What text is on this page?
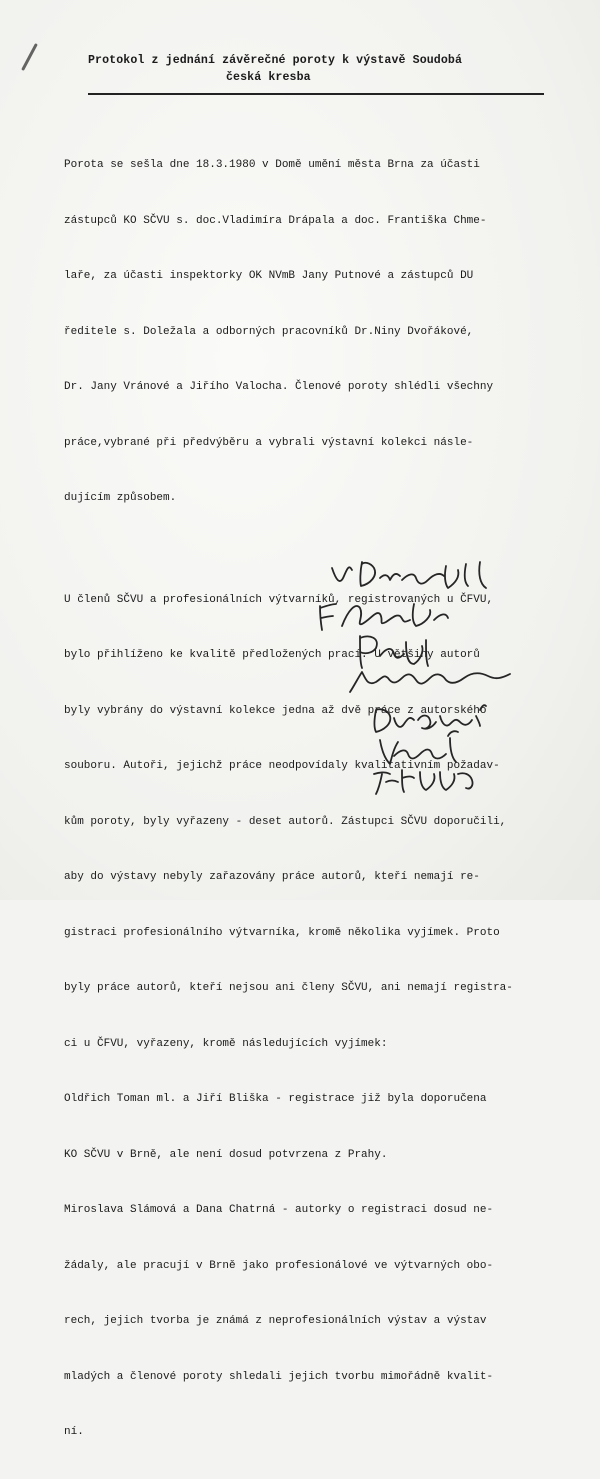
Protokol z jednání závěrečné poroty k výstavě Soudobá
česká kresba

Porota se sešla dne 18.3.1980 v Domě umění města Brna za účasti

zástupců KO SČVU s. doc.Vladimíra Drápala a doc. Františka Chme-

laře, za účasti inspektorky OK NVmB Jany Putnové a zástupců DU

ředitele s. Doležala a odborných pracovníků Dr.Niny Dvořákové,

Dr. Jany Vránové a Jiřího Valocha. Členové poroty shlédli všechny

práce,vybrané při předvýběru a vybrali výstavní kolekci násle-

dujícím způsobem.

U členů SČVU a profesionálních výtvarníků, registrovaných u ČFVU,

bylo přihlíženo ke kvalitě předložených prací. U většiny autorů

byly vybrány do výstavní kolekce jedna až dvě práce z autorského

souboru. Autoři, jejichž práce neodpovídaly kvalitativním požadav-

kům poroty, byly vyřazeny - deset autorů. Zástupci SČVU doporučili,

aby do výstavy nebyly zařazovány práce autorů, kteří nemají re-

gistraci profesionálního výtvarníka, kromě několika vyjímek. Proto

byly práce autorů, kteří nejsou ani členy SČVU, ani nemají registra-

ci u ČFVU, vyřazeny, kromě následujících vyjímek:

Oldřich Toman ml. a Jiří Bliška - registrace již byla doporučena

KO SČVU v Brně, ale není dosud potvrzena z Prahy.

Miroslava Slámová a Dana Chatrná - autorky o registraci dosud ne-

žádaly, ale pracují v Brně jako profesionálové ve výtvarných obo-

rech, jejich tvorba je známá z neprofesionálních výstav a výstav

mladých a členové poroty shledali jejich tvorbu mimořádně kvalit-

ní.
